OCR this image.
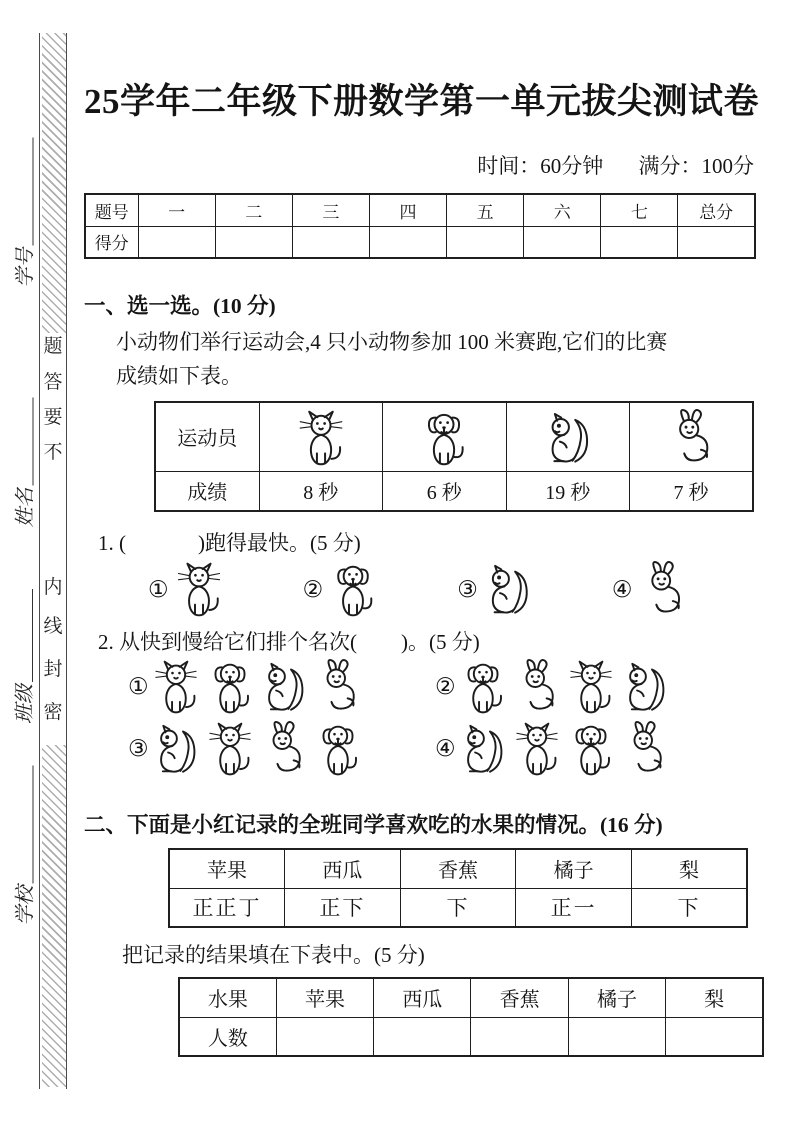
题
答
要
不
内
线
封
密
学号
姓名
班级
学校
25学年二年级下册数学第一单元拔尖测试卷
时间：60分钟 满分：100分
题号	一	二	三	四	五	六	七	总分
得分								
一、选一选。(10 分)
小动物们举行运动会,4 只小动物参加 100 米赛跑,它们的比赛
成绩如下表。
运动员	

成绩	8 秒	6 秒	19 秒	7 秒
1. (	)跑得最快。(5 分)
①	②	③	④
2. 从快到慢给它们排个名次( )。(5 分)
①	②
③	④
二、下面是小红记录的全班同学喜欢吃的水果的情况。(16 分)
苹果	西瓜	香蕉	橘子	梨
正正丁	正下	下	正一	下
把记录的结果填在下表中。(5 分)
水果	苹果	西瓜	香蕉	橘子	梨
人数					
